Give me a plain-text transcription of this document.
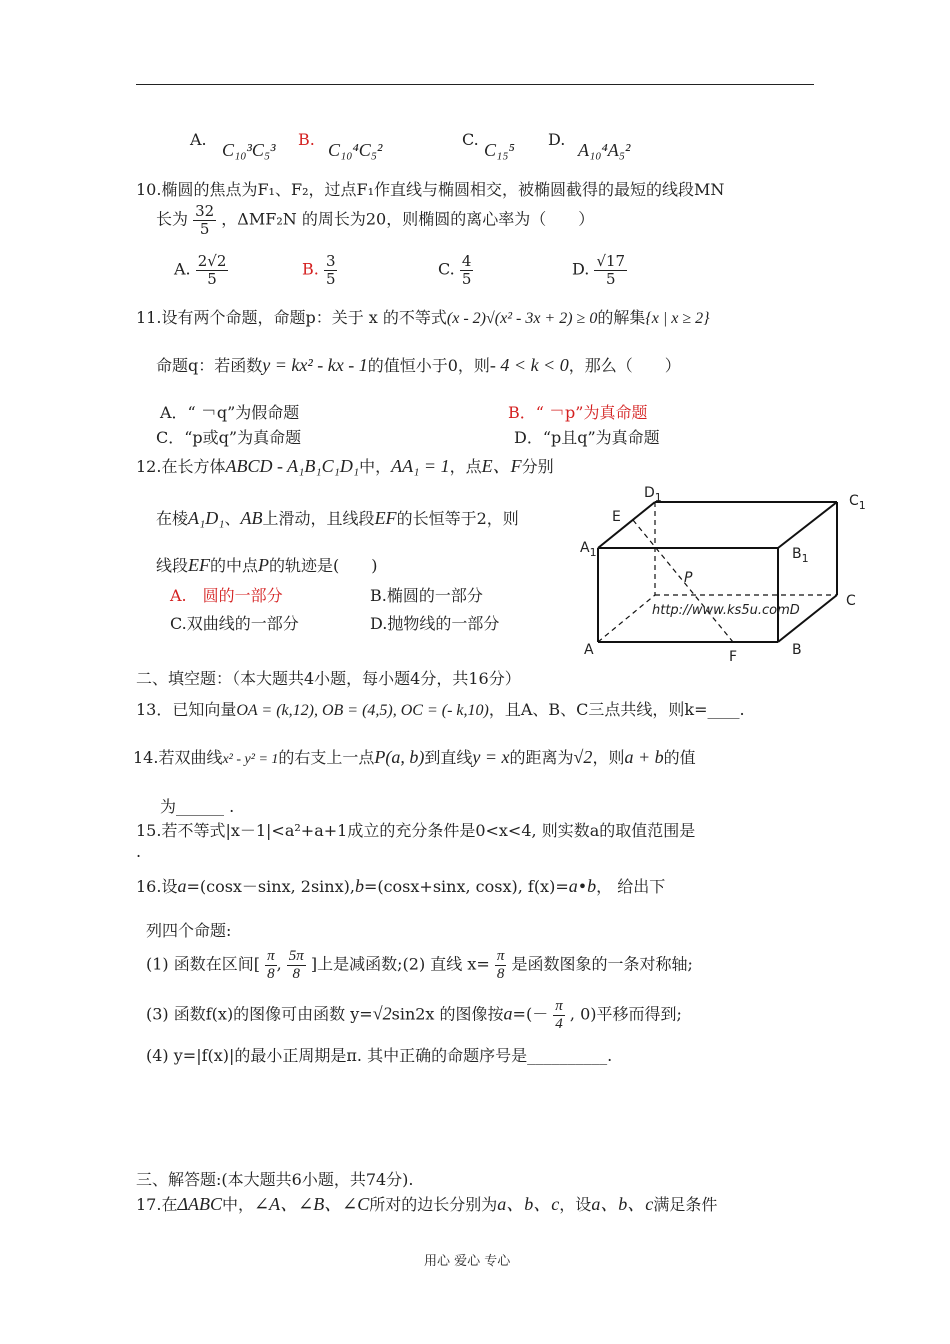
A.
C₁₀³C₅³
B.
C₁₀⁴C₅²
C.
C₁₅⁵
D.
A₁₀⁴A₅²
10.椭圆的焦点为F₁、F₂，过点F₁作直线与椭圆相交，被椭圆截得的最短的线段MN
长为 $\frac{32}{5}$ ，ΔMF₂N 的周长为20，则椭圆的离心率为（　　）
A. $\frac{2√2}{5}$	B. $\frac{3}{5}$	C. $\frac{4}{5}$	D. $\frac{√17}{5}$
11.设有两个命题，命题p：关于 x 的不等式(x - 2)√(x² - 3x + 2) ≥ 0的解集{x | x ≥ 2}
命题q：若函数y = kx² - kx - 1的值恒小于0，则- 4 < k < 0，那么（　　）
A．“ ￢q”为假命题	B．“ ￢p”为真命题
C．“p或q”为真命题	D．“p且q”为真命题
12.在长方体ABCD - A₁B₁C₁D₁中，AA₁ = 1，点E、F分别
在棱A₁D₁、AB上滑动，且线段EF的长恒等于2，则
线段EF的中点P的轨迹是(　　)
A.　圆的一部分	B.椭圆的一部分
C.双曲线的一部分	D.抛物线的一部分
$D_1$	$C_1$
E
$A_1$	$B_1$
P
http://www.ks5u.comD
C
A	F	B
二、填空题：（本大题共4小题，每小题4分，共16分）
13．已知向量OA = (k,12), OB = (4,5), OC = (- k,10)，且A、B、C三点共线，则k=____.
14.若双曲线x² - y² = 1的右支上一点P(a, b)到直线y = x的距离为√2，则a + b的值
为______ .
15.若不等式|x－1|<a²+a+1成立的充分条件是0<x<4, 则实数a的取值范围是
.
16.设a=(cosx－sinx, 2sinx),b=(cosx+sinx, cosx), f(x)=a•b， 给出下
列四个命题:
(1) 函数在区间[ $\frac{\pi}{8}$ , $\frac{5\pi}{8}$ ]上是减函数;(2) 直线 $x= \frac{\pi}{8}$ 是函数图象的一条对称轴;
(3) 函数f(x)的图像可由函数 y=√2sin2x 的图像按$a=(- \frac{\pi}{4}$ , 0)平移而得到;
(4) y=|f(x)|的最小正周期是π. 其中正确的命题序号是__________.
三、解答题:(本大题共6小题，共74分).
17.在ΔABC中，∠A、∠B、∠C所对的边长分别为a、b、c，设a、b、c满足条件
用心 爱心 专心
